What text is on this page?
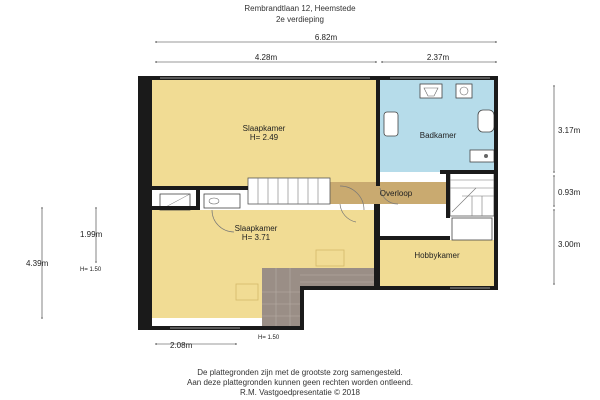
Rembrandtlaan 12, Heemstede
2e verdieping
6.82m
4.28m	2.37m
3.17m
0.93m
3.00m
4.39m
1.99m
H= 1.50
2.08m
H= 1.50
Slaapkamer
H= 2.49	Badkamer
Overloop
Slaapkamer
H= 3.71
Hobbykamer
De plattegronden zijn met de grootste zorg samengesteld.
Aan deze plattegronden kunnen geen rechten worden ontleend.
R.M. Vastgoedpresentatie © 2018
